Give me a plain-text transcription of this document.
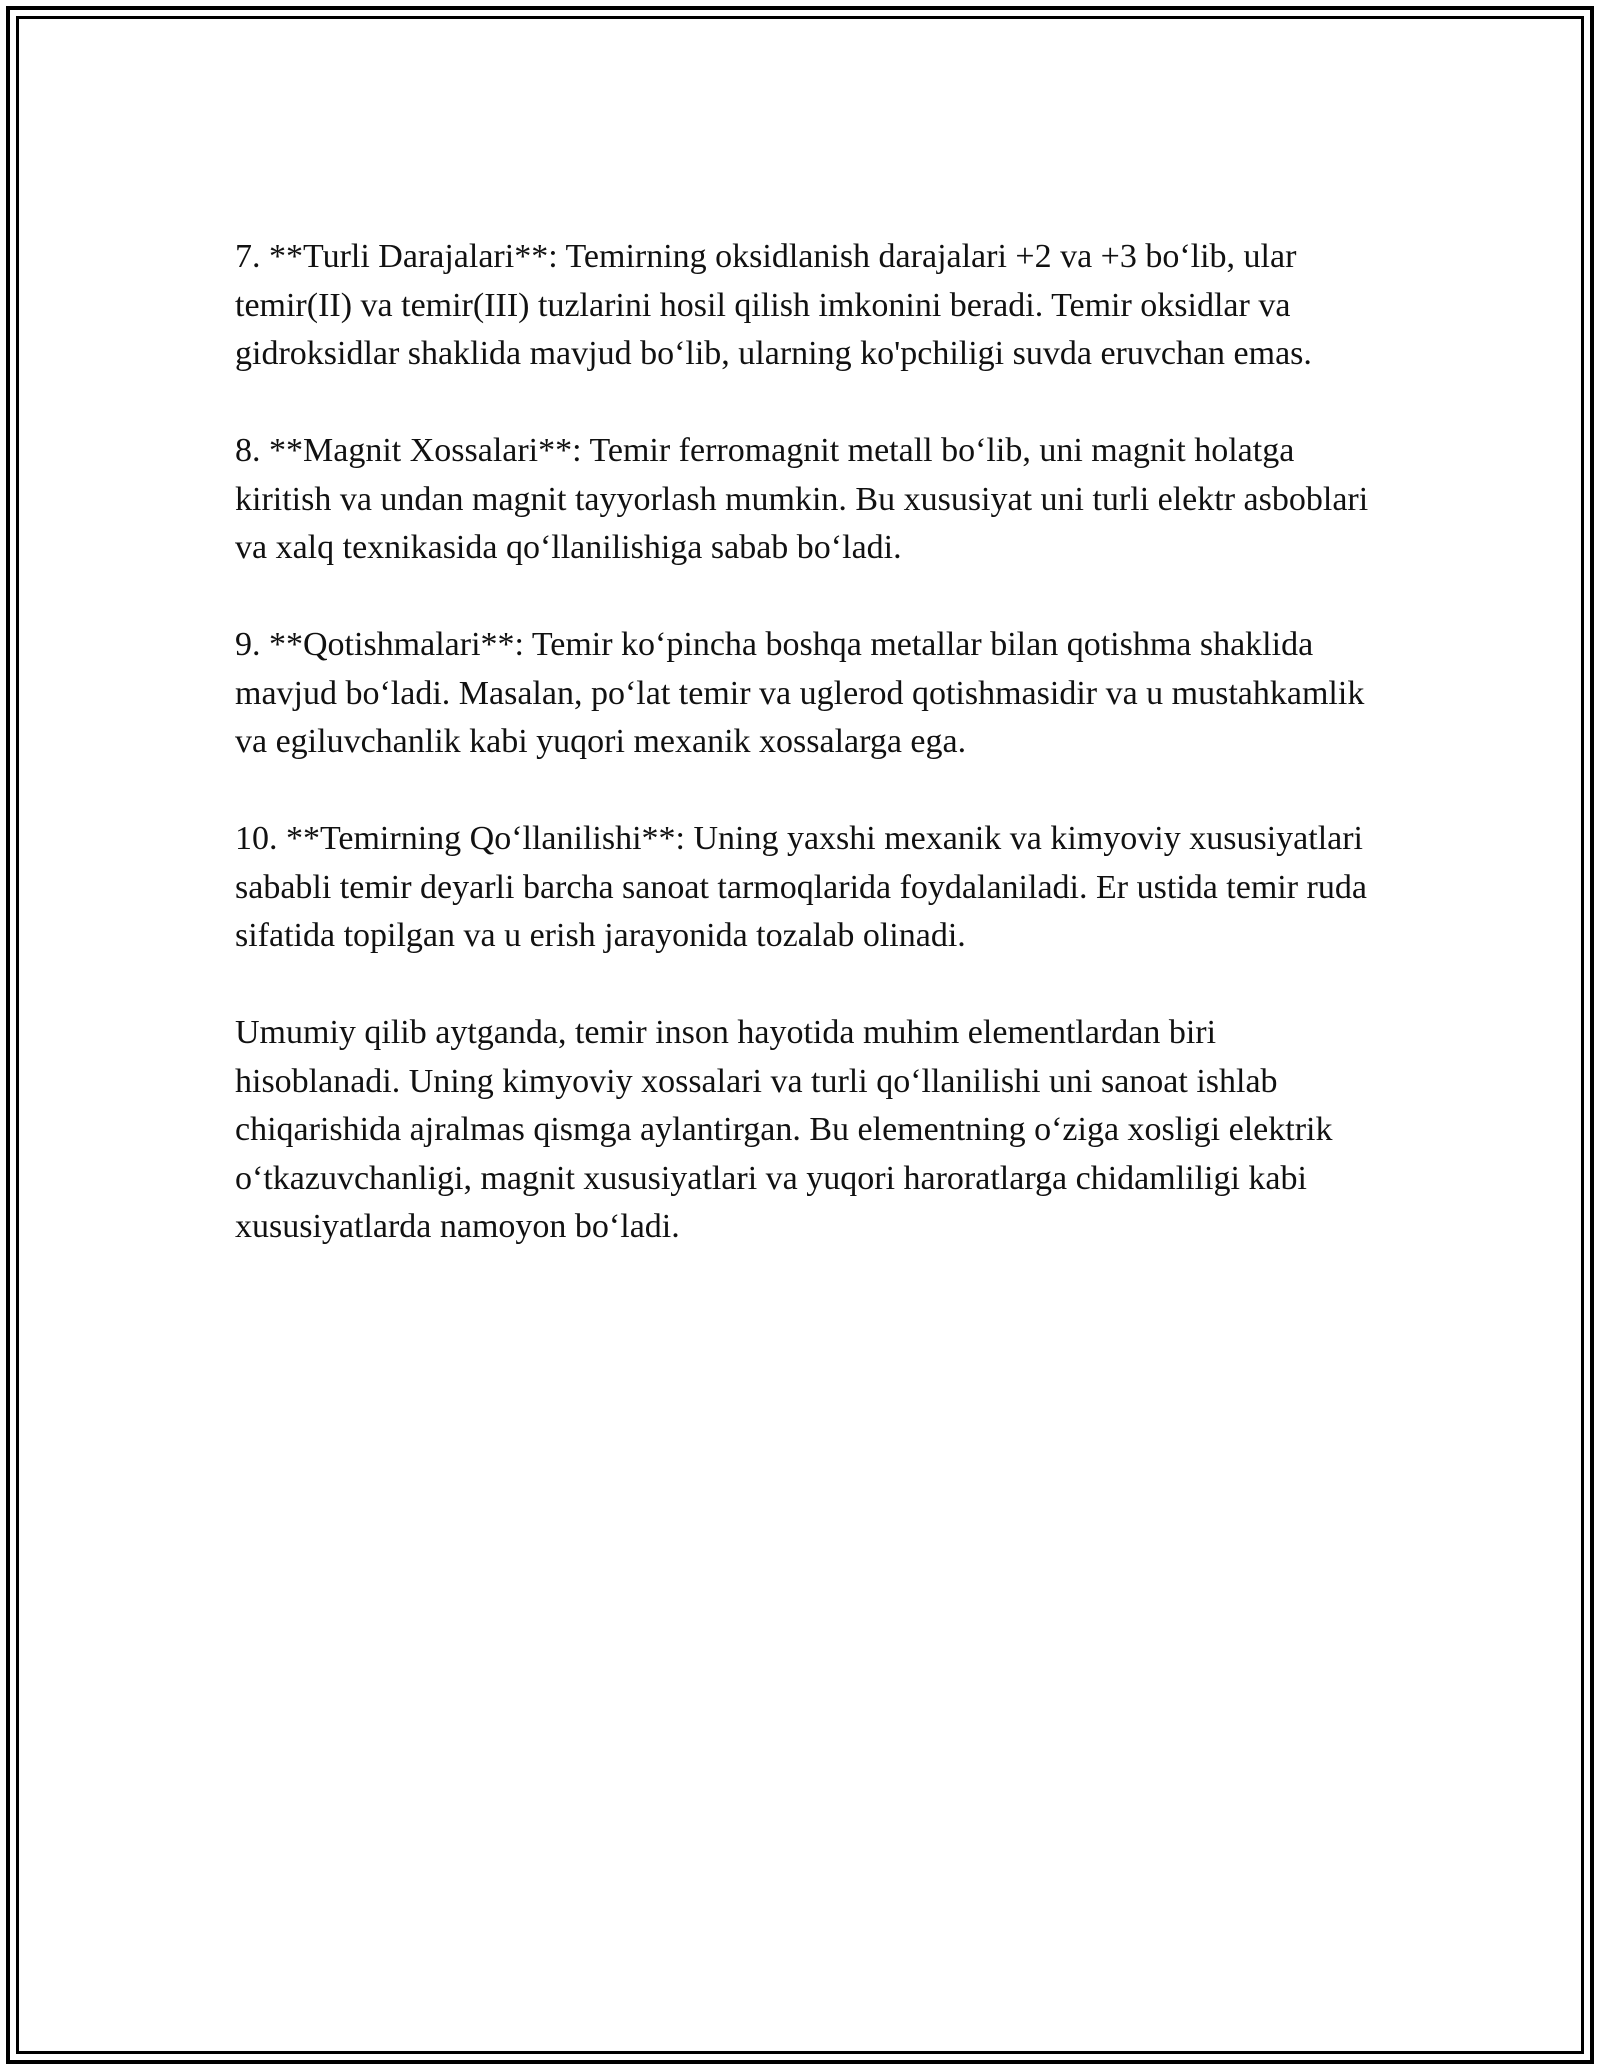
7. **Turli Darajalari**: Temirning oksidlanish darajalari +2 va +3 bo‘lib, ular temir(II) va temir(III) tuzlarini hosil qilish imkonini beradi. Temir oksidlar va gidroksidlar shaklida mavjud bo‘lib, ularning ko'pchiligi suvda eruvchan emas.

8. **Magnit Xossalari**: Temir ferromagnit metall bo‘lib, uni magnit holatga kiritish va undan magnit tayyorlash mumkin. Bu xususiyat uni turli elektr asboblari va xalq texnikasida qo‘llanilishiga sabab bo‘ladi.

9. **Qotishmalari**: Temir ko‘pincha boshqa metallar bilan qotishma shaklida mavjud bo‘ladi. Masalan, po‘lat temir va uglerod qotishmasidir va u mustahkamlik va egiluvchanlik kabi yuqori mexanik xossalarga ega.

10. **Temirning Qo‘llanilishi**: Uning yaxshi mexanik va kimyoviy xususiyatlari sababli temir deyarli barcha sanoat tarmoqlarida foydalaniladi. Er ustida temir ruda sifatida topilgan va u erish jarayonida tozalab olinadi.

Umumiy qilib aytganda, temir inson hayotida muhim elementlardan biri hisoblanadi. Uning kimyoviy xossalari va turli qo‘llanilishi uni sanoat ishlab chiqarishida ajralmas qismga aylantirgan. Bu elementning o‘ziga xosligi elektrik o‘tkazuvchanligi, magnit xususiyatlari va yuqori haroratlarga chidamliligi kabi xususiyatlarda namoyon bo‘ladi.
